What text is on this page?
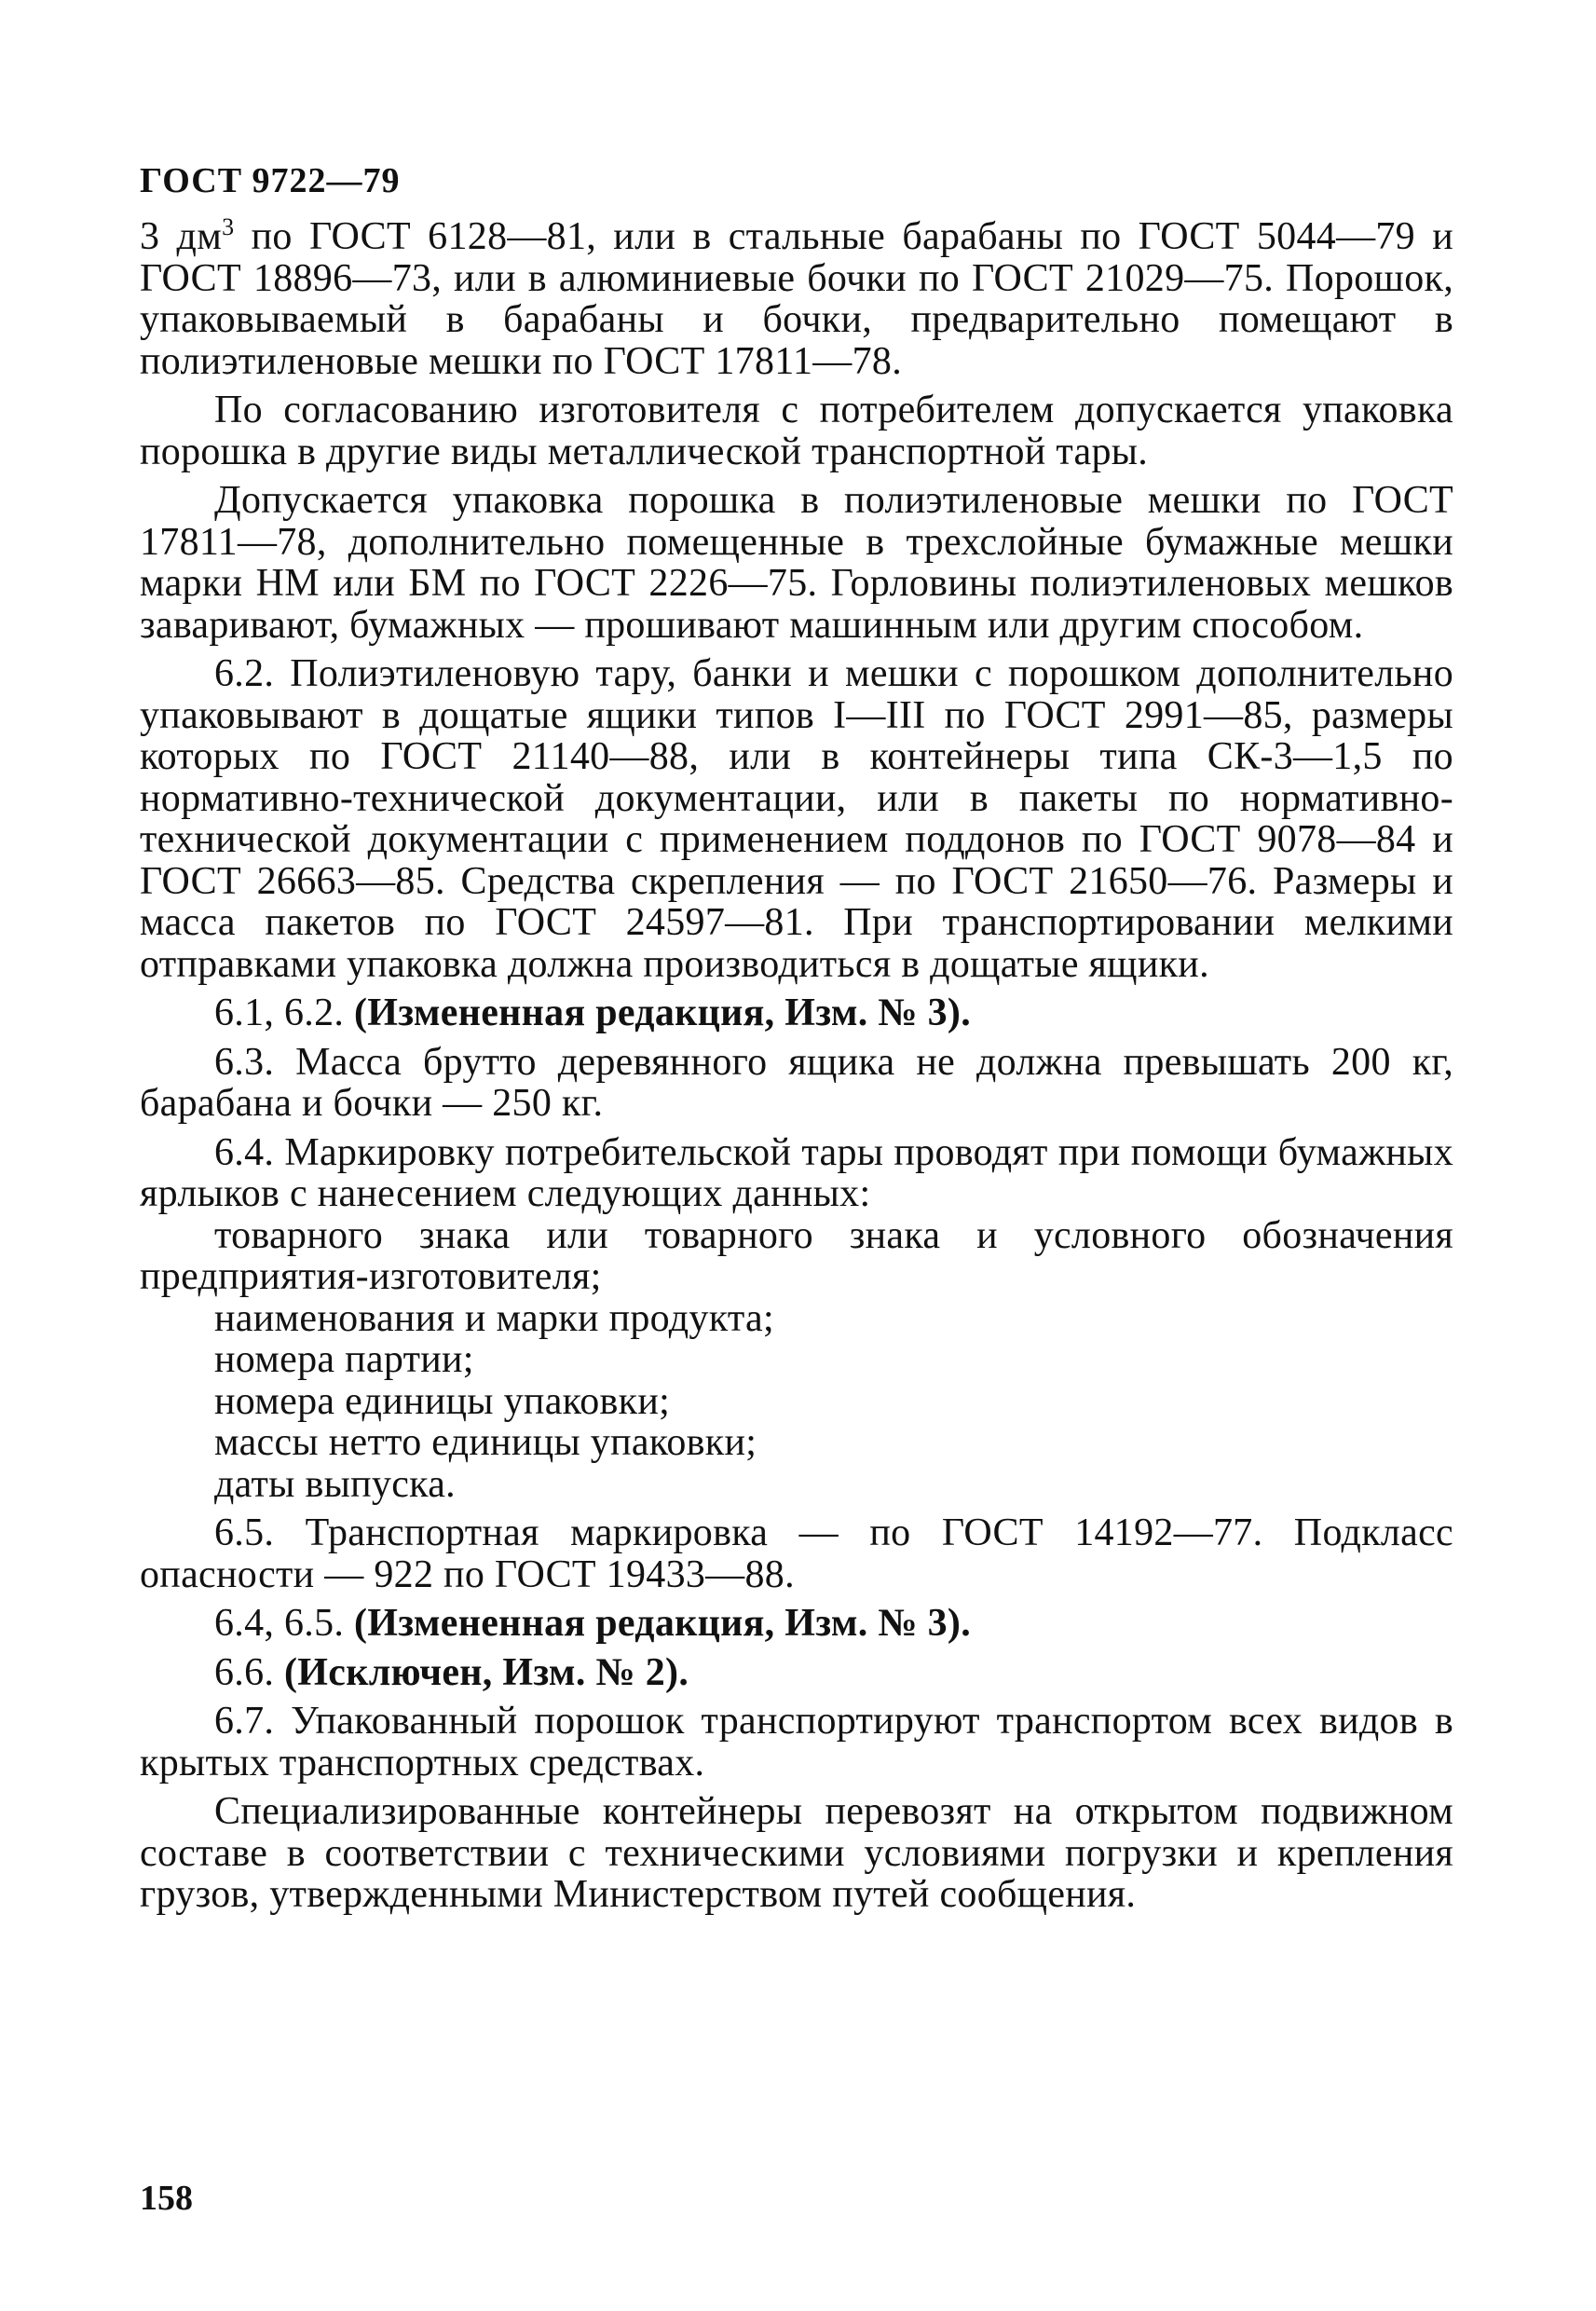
ГОСТ 9722—79

3 $дм^3$ по ГОСТ 6128—81, или в стальные барабаны по ГОСТ 5044—79 и ГОСТ 18896—73, или в алюминиевые бочки по ГОСТ 21029—75. Порошок, упаковываемый в барабаны и бочки, предварительно помещают в полиэтиленовые мешки по ГОСТ 17811—78.

По согласованию изготовителя с потребителем допускается упаковка порошка в другие виды металлической транспортной тары.

Допускается упаковка порошка в полиэтиленовые мешки по ГОСТ 17811—78, дополнительно помещенные в трехслойные бумажные мешки марки НМ или БМ по ГОСТ 2226—75. Горловины полиэтиленовых мешков заваривают, бумажных — прошивают машинным или другим способом.

6.2. Полиэтиленовую тару, банки и мешки с порошком дополнительно упаковывают в дощатые ящики типов I—III по ГОСТ 2991—85, размеры которых по ГОСТ 21140—88, или в контейнеры типа СК-3—1,5 по нормативно-технической документации, или в пакеты по нормативно-технической документации с применением поддонов по ГОСТ 9078—84 и ГОСТ 26663—85. Средства скрепления — по ГОСТ 21650—76. Размеры и масса пакетов по ГОСТ 24597—81. При транспортировании мелкими отправками упаковка должна производиться в дощатые ящики.

6.1, 6.2. (Измененная редакция, Изм. № 3).

6.3. Масса брутто деревянного ящика не должна превышать 200 кг, барабана и бочки — 250 кг.

6.4. Маркировку потребительской тары проводят при помощи бумажных ярлыков с нанесением следующих данных:

товарного знака или товарного знака и условного обозначения предприятия-изготовителя;

наименования и марки продукта;

номера партии;

номера единицы упаковки;

массы нетто единицы упаковки;

даты выпуска.

6.5. Транспортная маркировка — по ГОСТ 14192—77. Подкласс опасности — 922 по ГОСТ 19433—88.

6.4, 6.5. (Измененная редакция, Изм. № 3).

6.6. (Исключен, Изм. № 2).

6.7. Упакованный порошок транспортируют транспортом всех видов в крытых транспортных средствах.

Специализированные контейнеры перевозят на открытом подвижном составе в соответствии с техническими условиями погрузки и крепления грузов, утвержденными Министерством путей сообщения.

158
